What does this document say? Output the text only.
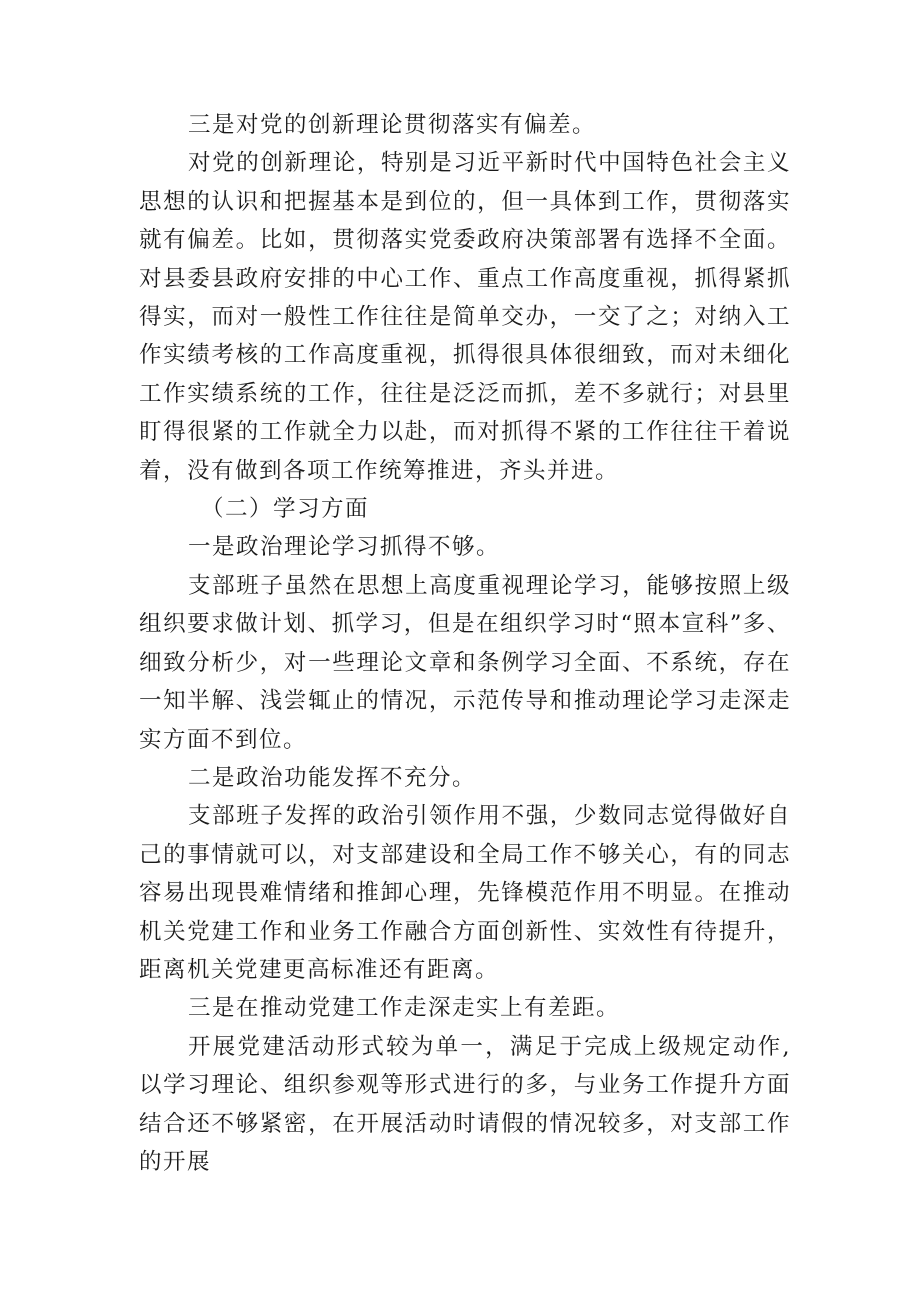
三是对党的创新理论贯彻落实有偏差。

对党的创新理论，特别是习近平新时代中国特色社会主义思想的认识和把握基本是到位的，但一具体到工作，贯彻落实就有偏差。比如，贯彻落实党委政府决策部署有选择不全面。对县委县政府安排的中心工作、重点工作高度重视，抓得紧抓得实，而对一般性工作往往是简单交办，一交了之；对纳入工作实绩考核的工作高度重视，抓得很具体很细致，而对未细化工作实绩系统的工作，往往是泛泛而抓，差不多就行；对县里盯得很紧的工作就全力以赴，而对抓得不紧的工作往往干着说着，没有做到各项工作统筹推进，齐头并进。

（二）学习方面

一是政治理论学习抓得不够。

支部班子虽然在思想上高度重视理论学习，能够按照上级组织要求做计划、抓学习，但是在组织学习时“照本宣科”多、细致分析少，对一些理论文章和条例学习全面、不系统，存在一知半解、浅尝辄止的情况，示范传导和推动理论学习走深走实方面不到位。

二是政治功能发挥不充分。

支部班子发挥的政治引领作用不强，少数同志觉得做好自己的事情就可以，对支部建设和全局工作不够关心，有的同志容易出现畏难情绪和推卸心理，先锋模范作用不明显。在推动机关党建工作和业务工作融合方面创新性、实效性有待提升，距离机关党建更高标准还有距离。

三是在推动党建工作走深走实上有差距。

开展党建活动形式较为单一，满足于完成上级规定动作,以学习理论、组织参观等形式进行的多，与业务工作提升方面结合还不够紧密，在开展活动时请假的情况较多，对支部工作的开展
